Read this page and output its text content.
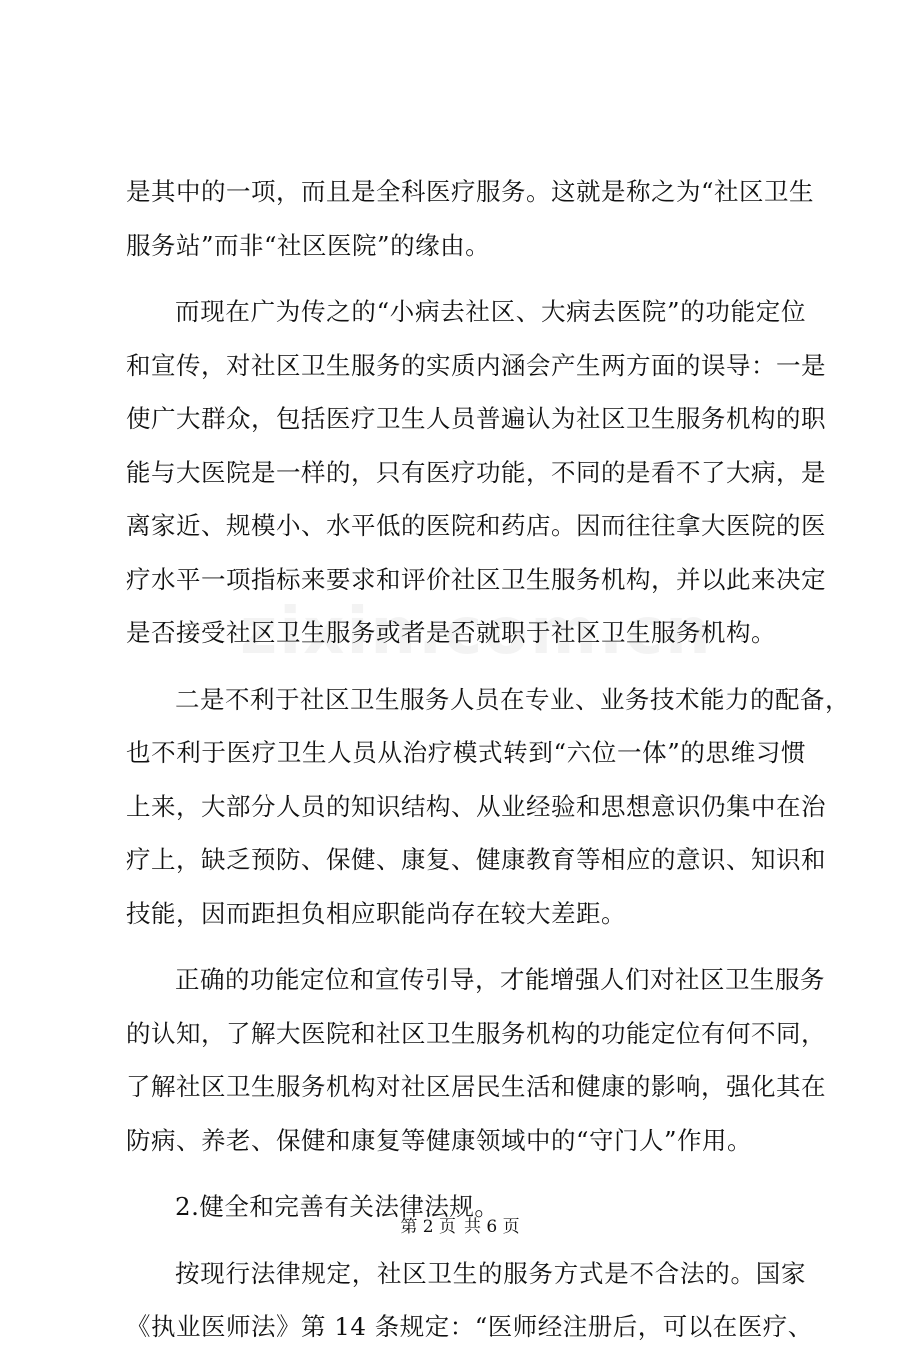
是其中的一项，而且是全科医疗服务。这就是称之为“社区卫生
服务站”而非“社区医院”的缘由。
而现在广为传之的“小病去社区、大病去医院”的功能定位
和宣传，对社区卫生服务的实质内涵会产生两方面的误导：一是
使广大群众，包括医疗卫生人员普遍认为社区卫生服务机构的职
能与大医院是一样的，只有医疗功能，不同的是看不了大病，是
离家近、规模小、水平低的医院和药店。因而往往拿大医院的医
疗水平一项指标来要求和评价社区卫生服务机构，并以此来决定
是否接受社区卫生服务或者是否就职于社区卫生服务机构。
二是不利于社区卫生服务人员在专业、业务技术能力的配备，
也不利于医疗卫生人员从治疗模式转到“六位一体”的思维习惯
上来，大部分人员的知识结构、从业经验和思想意识仍集中在治
疗上，缺乏预防、保健、康复、健康教育等相应的意识、知识和
技能，因而距担负相应职能尚存在较大差距。
正确的功能定位和宣传引导，才能增强人们对社区卫生服务
的认知，了解大医院和社区卫生服务机构的功能定位有何不同，
了解社区卫生服务机构对社区居民生活和健康的影响，强化其在
防病、养老、保健和康复等健康领域中的“守门人”作用。
2.健全和完善有关法律法规。
按现行法律规定，社区卫生的服务方式是不合法的。国家
《执业医师法》第 14 条规定：“医师经注册后，可以在医疗、
第 2 页 共 6 页
